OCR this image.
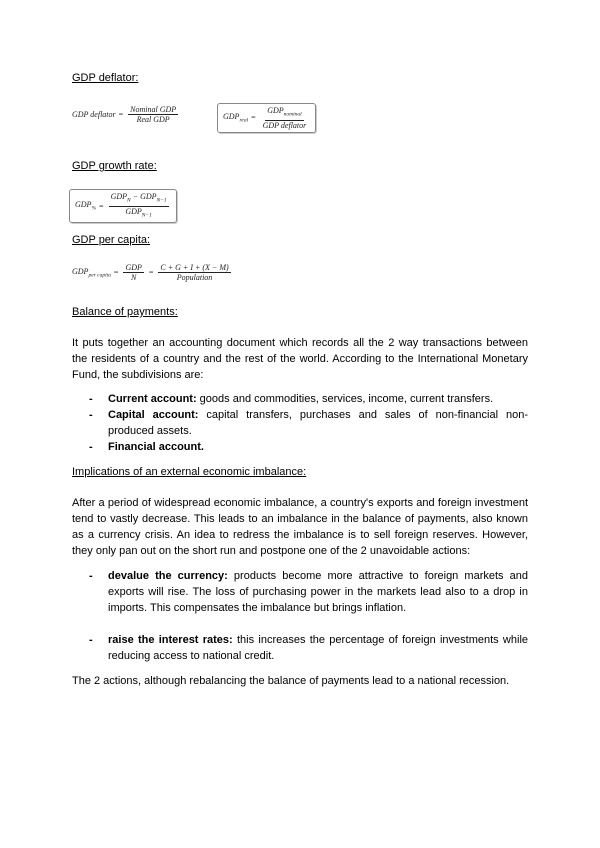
GDP deflator:
GDP deflator = $\frac{\text{Nominal GDP}}{\text{Real GDP}}$	$GDP_{real} = \frac{GDP_{nominal}}{\text{GDP deflator}}$
GDP growth rate:
$GDP_{\%} = \frac{GDP_N - GDP_{N-1}}{GDP_{N-1}}$
GDP per capita:
$GDP_{per capita} = \frac{\text{GDP}}{N} = \frac{C + G + I + (X - M)}{\text{Population}}$
Balance of payments:

It puts together an accounting document which records all the 2 way transactions between the residents of a country and the rest of the world. According to the International Monetary Fund, the subdivisions are:

- Current account: goods and commodities, services, income, current transfers.
- Capital account: capital transfers, purchases and sales of non-financial non-produced assets.
- Financial account.
Implications of an external economic imbalance:

After a period of widespread economic imbalance, a country's exports and foreign investment tend to vastly decrease. This leads to an imbalance in the balance of payments, also known as a currency crisis. An idea to redress the imbalance is to sell foreign reserves. However, they only pan out on the short run and postpone one of the 2 unavoidable actions:

- devalue the currency: products become more attractive to foreign markets and exports will rise. The loss of purchasing power in the markets lead also to a drop in imports. This compensates the imbalance but brings inflation.
- raise the interest rates: this increases the percentage of foreign investments while reducing access to national credit.

The 2 actions, although rebalancing the balance of payments lead to a national recession.
